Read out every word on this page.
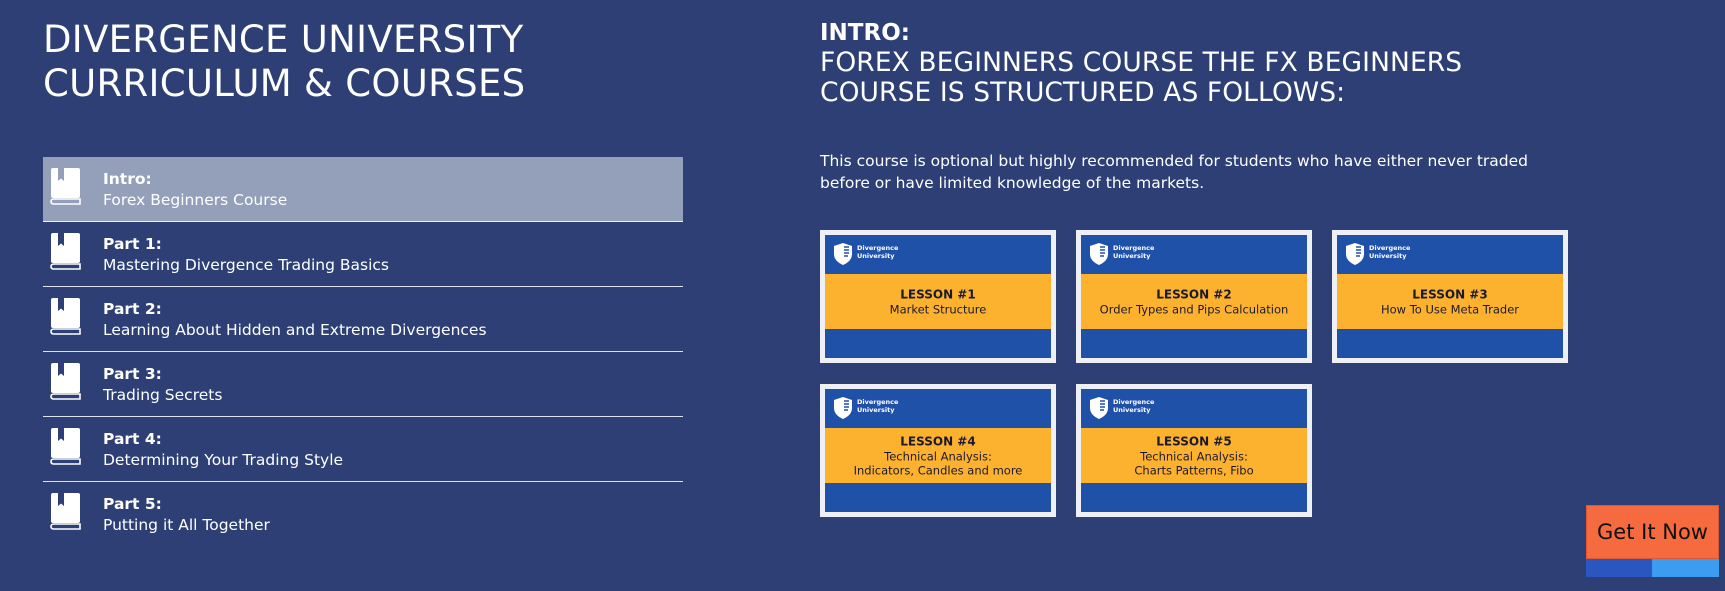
DIVERGENCE UNIVERSITY
CURRICULUM & COURSES
Intro:
Forex Beginners Course
Part 1:
Mastering Divergence Trading Basics
Part 2:
Learning About Hidden and Extreme Divergences
Part 3:
Trading Secrets
Part 4:
Determining Your Trading Style
Part 5:
Putting it All Together
INTRO:
FOREX BEGINNERS COURSE THE FX BEGINNERS COURSE IS STRUCTURED AS FOLLOWS:

This course is optional but highly recommended for students who have either never traded before or have limited knowledge of the markets.

Divergence
University
LESSON #1
Market Structure
Divergence
University
LESSON #2
Order Types and Pips Calculation
Divergence
University
LESSON #3
How To Use Meta Trader
Divergence
University
LESSON #4
Technical Analysis:
Indicators, Candles and more
Divergence
University
LESSON #5
Technical Analysis:
Charts Patterns, Fibo
Get It Now
